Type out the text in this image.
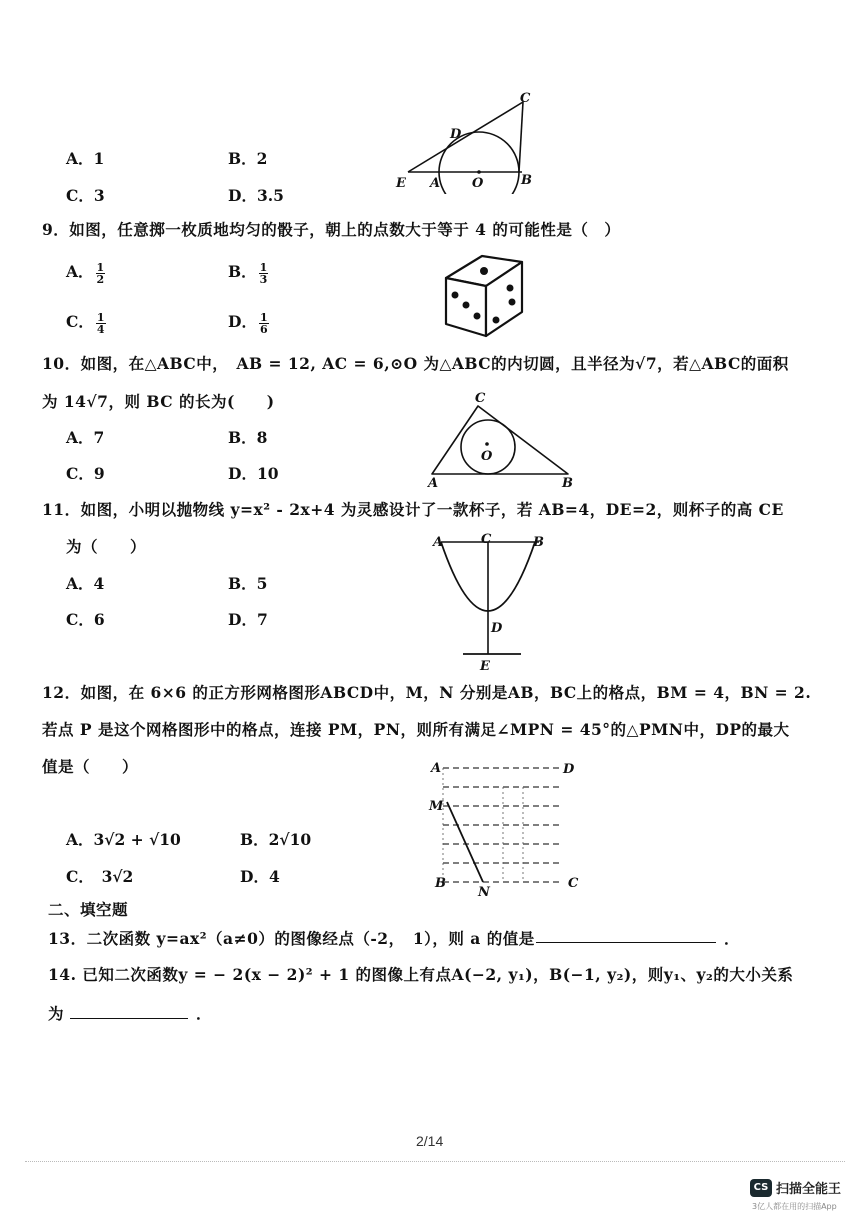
A．1	B．2
C．3	D．3.5
C
D
E A O	B
9．如图，任意掷一枚质地均匀的骰子，朝上的点数大于等于 4 的可能性是（　）
A． $\frac{1}{2}$	B． $\frac{1}{3}$
C． $\frac{1}{4}$	D． $\frac{1}{6}$
10．如图，在△ABC中，　AB = 12, AC = 6,⊙O 为△ABC的内切圆，且半径为√7，若△ABC的面积
为 14√7，则 BC 的长为(　　)
A．7	B．8
C．9	D．10
C
O
A	B
11．如图，小明以抛物线 y=x² - 2x+4 为灵感设计了一款杯子，若 AB=4，DE=2，则杯子的高 CE
为（　　）
A．4	B．5
C．6	D．7
A	C	B
D
E
12．如图，在 6×6 的正方形网格图形ABCD中，M，N 分别是AB，BC上的格点，BM = 4，BN = 2.
若点 P 是这个网格图形中的格点，连接 PM，PN，则所有满足∠MPN = 45°的△PMN中，DP的最大
值是（　　）
A．3√2 + √10	B．2√10
C．　3√2	D．4
A	D
M
B
N
C
二、填空题
13．二次函数 y=ax²（a≠0）的图像经点（-2，　1），则 a 的值是	．
14. 已知二次函数y = − 2(x − 2)² + 1 的图像上有点A(−2, y₁)，B(−1, y₂)，则y₁、y₂的大小关系
为	．
2/14
CS 扫描全能王
3亿人都在用的扫描App
